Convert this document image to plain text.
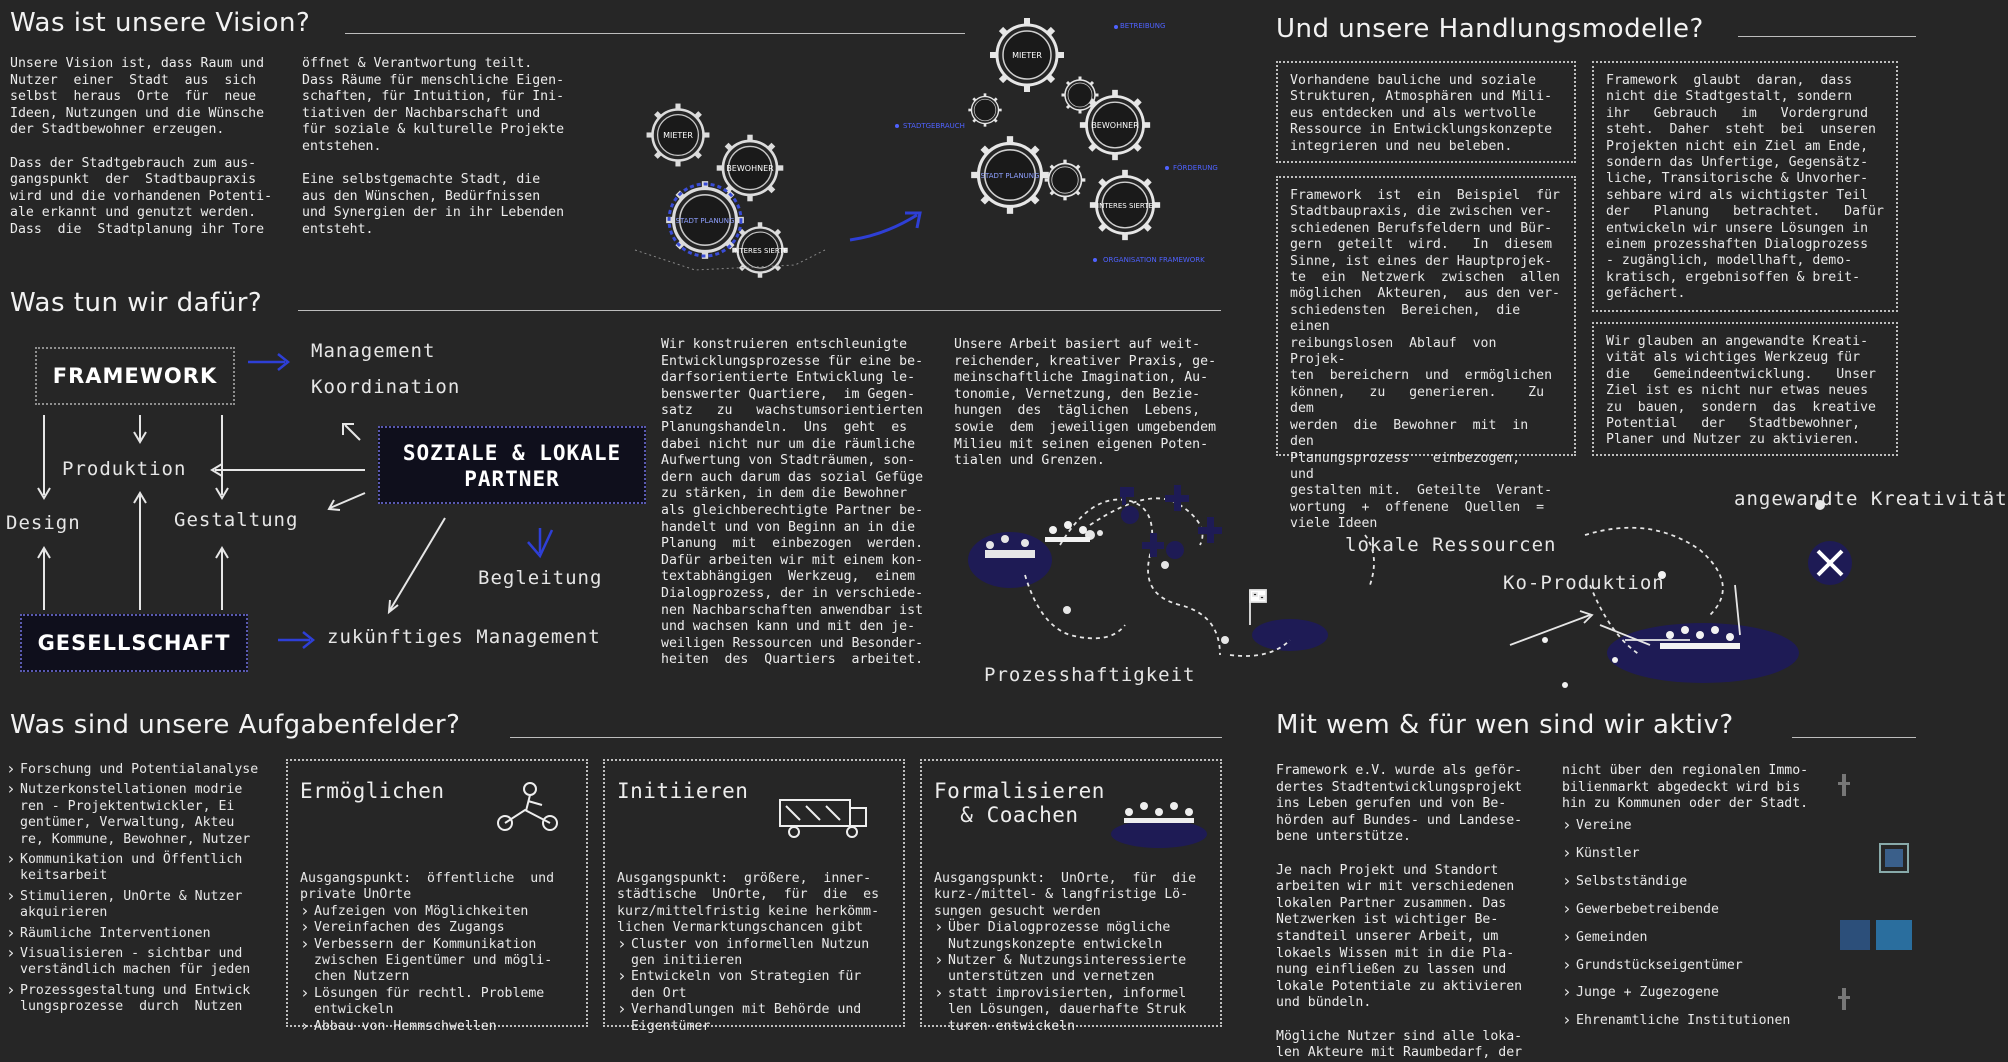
Was ist unsere Vision?
Unsere Vision ist, dass Raum und
Nutzer  einer  Stadt  aus  sich
selbst  heraus  Orte  für  neue
Ideen, Nutzungen und die Wünsche
der Stadtbewohner erzeugen.

Dass der Stadtgebrauch zum aus-
gangspunkt  der  Stadtbaupraxis
wird und die vorhandenen Potenti-
ale erkannt und genutzt werden.
Dass  die  Stadtplanung ihr Tore
öffnet & Verantwortung teilt.
Dass Räume für menschliche Eigen-
schaften, für Intuition, für Ini-
tiativen der Nachbarschaft und
für soziale & kulturelle Projekte
entstehen.

Eine selbstgemachte Stadt, die
aus den Wünschen, Bedürfnissen
und Synergien der in ihr Lebenden
entsteht.
MIETER
BEWOHNER
STADT PLANUNG
INTERES SIERTE
MIETER
BEWOHNER
STADT PLANUNG
INTERES SIERTE
BETREIBUNG
STADTGEBRAUCH
FÖRDERUNG
ORGANISATION FRAMEWORK
Was tun wir dafür?
FRAMEWORK
SOZIALE & LOKALE
PARTNER
GESELLSCHAFT
Management
Koordination
Produktion
Design	Gestaltung
Begleitung
zukünftiges Management
Wir konstruieren entschleunigte
Entwicklungsprozesse für eine be-
darfsorientierte Entwicklung le-
benswerter Quartiere,  im Gegen-
satz   zu   wachstumsorientierten
Planungshandeln.  Uns  geht  es
dabei nicht nur um die räumliche
Aufwertung von Stadträumen, son-
dern auch darum das sozial Gefüge
zu stärken, in dem die Bewohner
als gleichberechtigte Partner be-
handelt und von Beginn an in die
Planung  mit  einbezogen  werden.
Dafür arbeiten wir mit einem kon-
textabhängigen  Werkzeug,  einem
Dialogprozess, der in verschiede-
nen Nachbarschaften anwendbar ist
und wachsen kann und mit den je-
weiligen Ressourcen und Besonder-
heiten  des  Quartiers  arbeitet.
Unsere Arbeit basiert auf weit-
reichender, kreativer Praxis, ge-
meinschaftliche Imagination, Au-
tonomie, Vernetzung, den Bezie-
hungen  des  täglichen  Lebens,
sowie  dem  jeweiligen umgebendem
Milieu mit seinen eigenen Poten-
tialen und Grenzen.
Prozesshaftigkeit
lokale Ressourcen
Ko-Produktion
angewandte Kreativität
Und unsere Handlungsmodelle?
Vorhandene bauliche und soziale
Strukturen, Atmosphären und Mili-
eus entdecken und als wertvolle
Ressource in Entwicklungskonzepte
integrieren und neu beleben.
Framework  ist  ein  Beispiel  für
Stadtbaupraxis, die zwischen ver-
schiedenen Berufsfeldern und Bür-
gern  geteilt  wird.   In  diesem
Sinne, ist eines der Hauptprojek-
te  ein  Netzwerk  zwischen  allen
möglichen  Akteuren,  aus den ver-
schiedensten  Bereichen,  die einen
reibungslosen  Ablauf  von  Projek-
ten  bereichern  und  ermöglichen
können,   zu   generieren.    Zu  dem
werden  die  Bewohner  mit  in  den
Planungsprozess   einbezogen,   und
gestalten mit.  Geteilte  Verant-
wortung  +  offenene  Quellen  =
viele Ideen
Framework  glaubt  daran,  dass
nicht die Stadtgestalt, sondern
ihr   Gebrauch   im   Vordergrund
steht.  Daher  steht  bei  unseren
Projekten nicht ein Ziel am Ende,
sondern das Unfertige, Gegensätz-
liche, Transitorische & Unvorher-
sehbare wird als wichtigster Teil
der   Planung   betrachtet.   Dafür
entwickeln wir unsere Lösungen in
einem prozesshaften Dialogprozess
- zugänglich, modellhaft, demo-
kratisch, ergebnisoffen & breit-
gefächert.
Wir glauben an angewandte Kreati-
vität als wichtiges Werkzeug für
die   Gemeindeentwicklung.   Unser
Ziel ist es nicht nur etwas neues
zu  bauen,  sondern  das  kreative
Potential   der   Stadtbewohner,
Planer und Nutzer zu aktivieren.
Was sind unsere Aufgabenfelder?
› Forschung und Potentialanalyse
› Nutzerkonstellationen modrie
ren - Projektentwickler, Ei
gentümer, Verwaltung, Akteu
re, Kommune, Bewohner, Nutzer
› Kommunikation und Öffentlich
keitsarbeit
› Stimulieren, UnOrte & Nutzer
akquirieren
› Räumliche Interventionen
› Visualisieren - sichtbar und
verständlich machen für jeden
› Prozessgestaltung und Entwick
lungsprozesse  durch  Nutzen
Ermöglichen
Ausgangspunkt:  öffentliche  und
private UnOrte
› Aufzeigen von Möglichkeiten
› Vereinfachen des Zugangs
› Verbessern der Kommunikation
zwischen Eigentümer und mögli-
chen Nutzern
› Lösungen für rechtl. Probleme
entwickeln
› Abbau von Hemmschwellen
Initiieren
Ausgangspunkt:  größere,  inner-
städtische  UnOrte,  für  die  es
kurz/mittelfristig keine herkömm-
lichen Vermarktungschancen gibt
› Cluster von informellen Nutzun
gen initiieren
› Entwickeln von Strategien für
den Ort
› Verhandlungen mit Behörde und
Eigentümer
Formalisieren
& Coachen
Ausgangspunkt:  UnOrte,  für  die
kurz-/mittel- & langfristige Lö-
sungen gesucht werden
› Über Dialogprozesse mögliche
Nutzungskonzepte entwickeln
› Nutzer & Nutzungsinteressierte
unterstützen und vernetzen
› statt improvisierten, informel
len Lösungen, dauerhafte Struk
turen entwickeln
Mit wem & für wen sind wir aktiv?
Framework e.V. wurde als geför-
dertes Stadtentwicklungsprojekt
ins Leben gerufen und von Be-
hörden auf Bundes- und Landese-
bene unterstütze.

Je nach Projekt und Standort
arbeiten wir mit verschiedenen
lokalen Partner zusammen. Das
Netzwerken ist wichtiger Be-
standteil unserer Arbeit, um
lokaels Wissen mit in die Pla-
nung einfließen zu lassen und
lokale Potentiale zu aktivieren
und bündeln.

Mögliche Nutzer sind alle loka-
len Akteure mit Raumbedarf, der
nicht über den regionalen Immo-
bilienmarkt abgedeckt wird bis
hin zu Kommunen oder der Stadt.
› Vereine
› Künstler
› Selbstständige
› Gewerbebetreibende
› Gemeinden
› Grundstückseigentümer
› Junge + Zugezogene
› Ehrenamtliche Institutionen
